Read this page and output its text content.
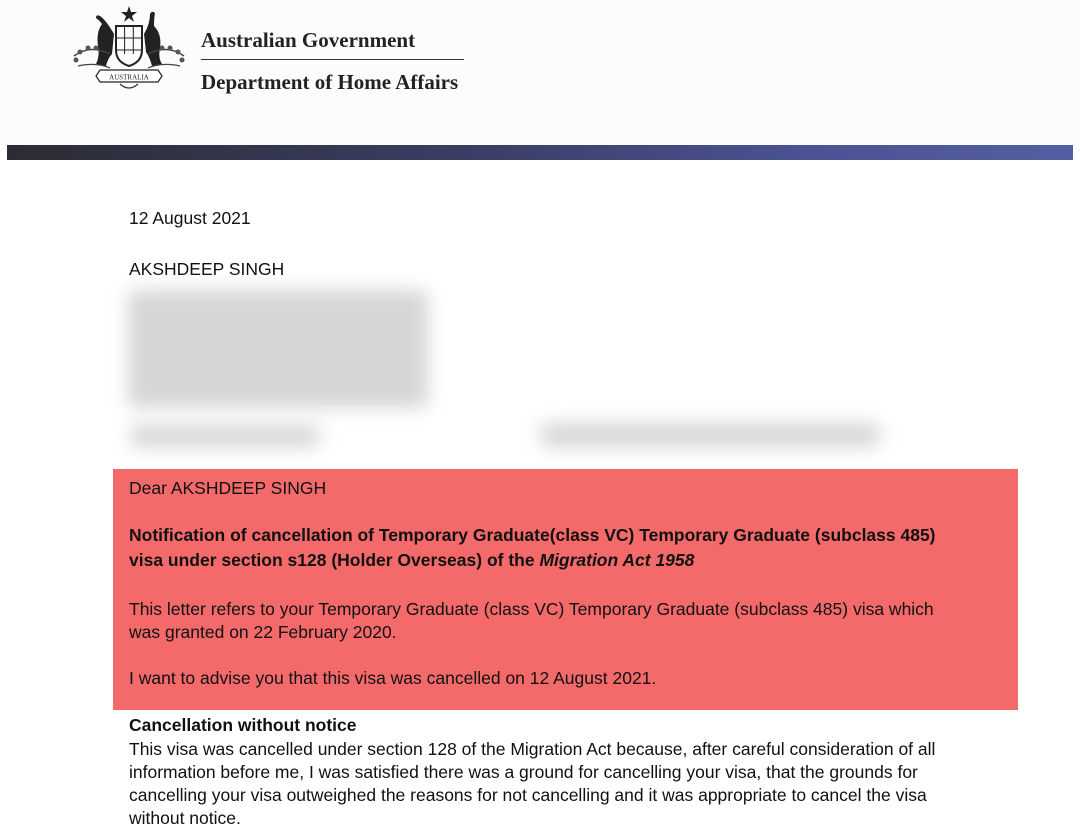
AUSTRALIA
Australian Government
Department of Home Affairs
12 August 2021
AKSHDEEP SINGH
Dear AKSHDEEP SINGH
Notification of cancellation of Temporary Graduate(class VC) Temporary Graduate (subclass 485) visa under section s128 (Holder Overseas) of the Migration Act 1958
This letter refers to your Temporary Graduate (class VC) Temporary Graduate (subclass 485) visa which was granted on 22 February 2020.
I want to advise you that this visa was cancelled on 12 August 2021.
Cancellation without notice
This visa was cancelled under section 128 of the Migration Act because, after careful consideration of all information before me, I was satisfied there was a ground for cancelling your visa, that the grounds for cancelling your visa outweighed the reasons for not cancelling and it was appropriate to cancel the visa without notice.
